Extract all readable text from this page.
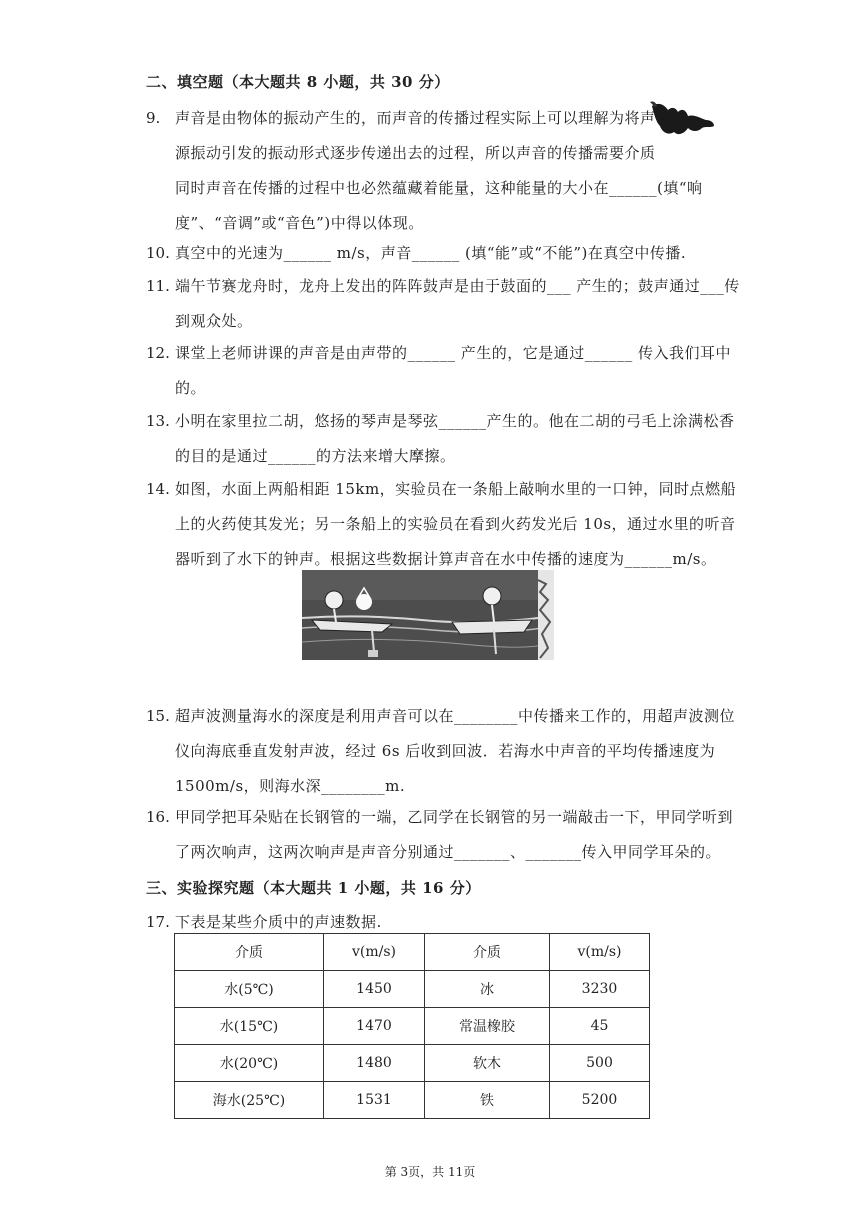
二、填空题（本大题共 8 小题，共 30 分）
9. 声音是由物体的振动产生的，而声音的传播过程实际上可以理解为将声
源振动引发的振动形式逐步传递出去的过程，所以声音的传播需要介质
同时声音在传播的过程中也必然蕴藏着能量，这种能量的大小在______(填“响
度”、“音调”或“音色”)中得以体现。
10. 真空中的光速为______ m/s，声音______ (填“能”或“不能”)在真空中传播.
11. 端午节赛龙舟时，龙舟上发出的阵阵鼓声是由于鼓面的___ 产生的；鼓声通过___传
到观众处。
12. 课堂上老师讲课的声音是由声带的______ 产生的，它是通过______ 传入我们耳中
的。
13. 小明在家里拉二胡，悠扬的琴声是琴弦______产生的。他在二胡的弓毛上涂满松香
的目的是通过______的方法来增大摩擦。
14. 如图，水面上两船相距 15km，实验员在一条船上敲响水里的一口钟，同时点燃船
上的火药使其发光；另一条船上的实验员在看到火药发光后 10s，通过水里的听音
器听到了水下的钟声。根据这些数据计算声音在水中传播的速度为______m/s。
15. 超声波测量海水的深度是利用声音可以在________中传播来工作的，用超声波测位
仪向海底垂直发射声波，经过 6s 后收到回波．若海水中声音的平均传播速度为
1500m/s，则海水深________m.
16. 甲同学把耳朵贴在长钢管的一端，乙同学在长钢管的另一端敲击一下，甲同学听到
了两次响声，这两次响声是声音分别通过_______、_______传入甲同学耳朵的。
三、实验探究题（本大题共 1 小题，共 16 分）
17. 下表是某些介质中的声速数据.
介质	v(m/s)	介质	v(m/s)
水(5℃)	1450	冰	3230
水(15℃)	1470	常温橡胶	45
水(20℃)	1480	软木	500
海水(25℃)	1531	铁	5200
第 3页，共 11页
